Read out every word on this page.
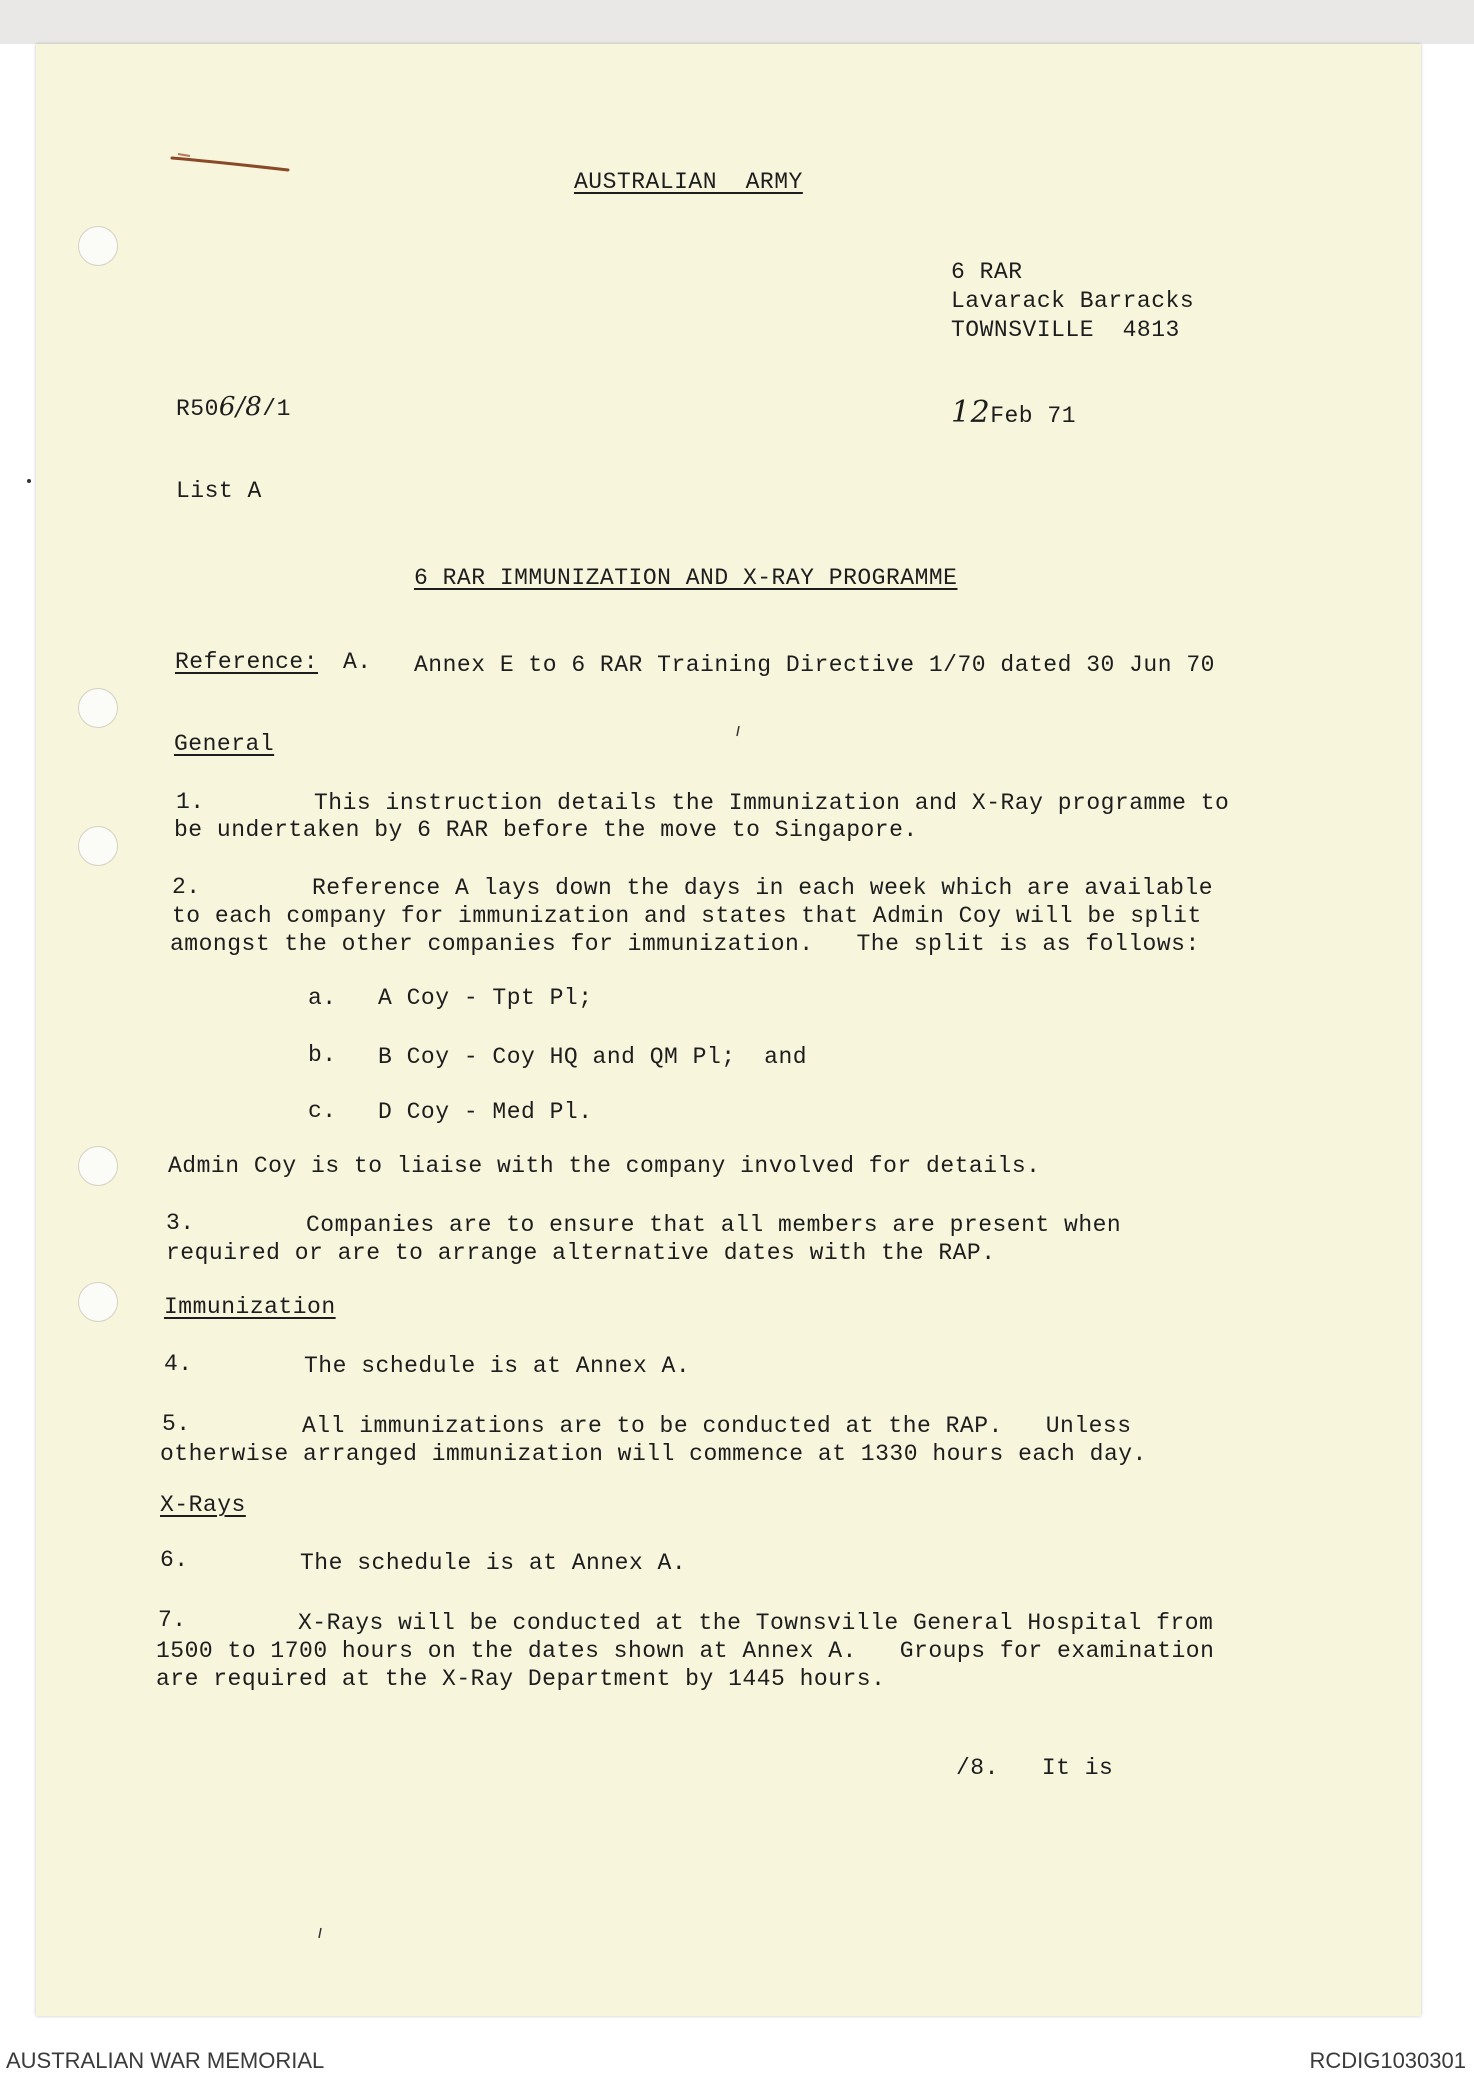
AUSTRALIAN  ARMY
6 RAR
Lavarack Barracks
TOWNSVILLE  4813
R506/8/1	12Feb 71
List A
6 RAR IMMUNIZATION AND X-RAY PROGRAMME
Reference: A. Annex E to 6 RAR Training Directive 1/70 dated 30 Jun 70
General
1.	This instruction details the Immunization and X-Ray programme to
be undertaken by 6 RAR before the move to Singapore.
2.	Reference A lays down the days in each week which are available
to each company for immunization and states that Admin Coy will be split
amongst the other companies for immunization.   The split is as follows:
a. A Coy - Tpt Pl;
b. B Coy - Coy HQ and QM Pl;  and
c. D Coy - Med Pl.
Admin Coy is to liaise with the company involved for details.
3.	Companies are to ensure that all members are present when
required or are to arrange alternative dates with the RAP.
Immunization
4.	The schedule is at Annex A.
5.	All immunizations are to be conducted at the RAP.   Unless
otherwise arranged immunization will commence at 1330 hours each day.
X-Rays
6.	The schedule is at Annex A.
7.	X-Rays will be conducted at the Townsville General Hospital from
1500 to 1700 hours on the dates shown at Annex A.   Groups for examination
are required at the X-Ray Department by 1445 hours.
/8.   It is
AUSTRALIAN WAR MEMORIAL	RCDIG1030301
